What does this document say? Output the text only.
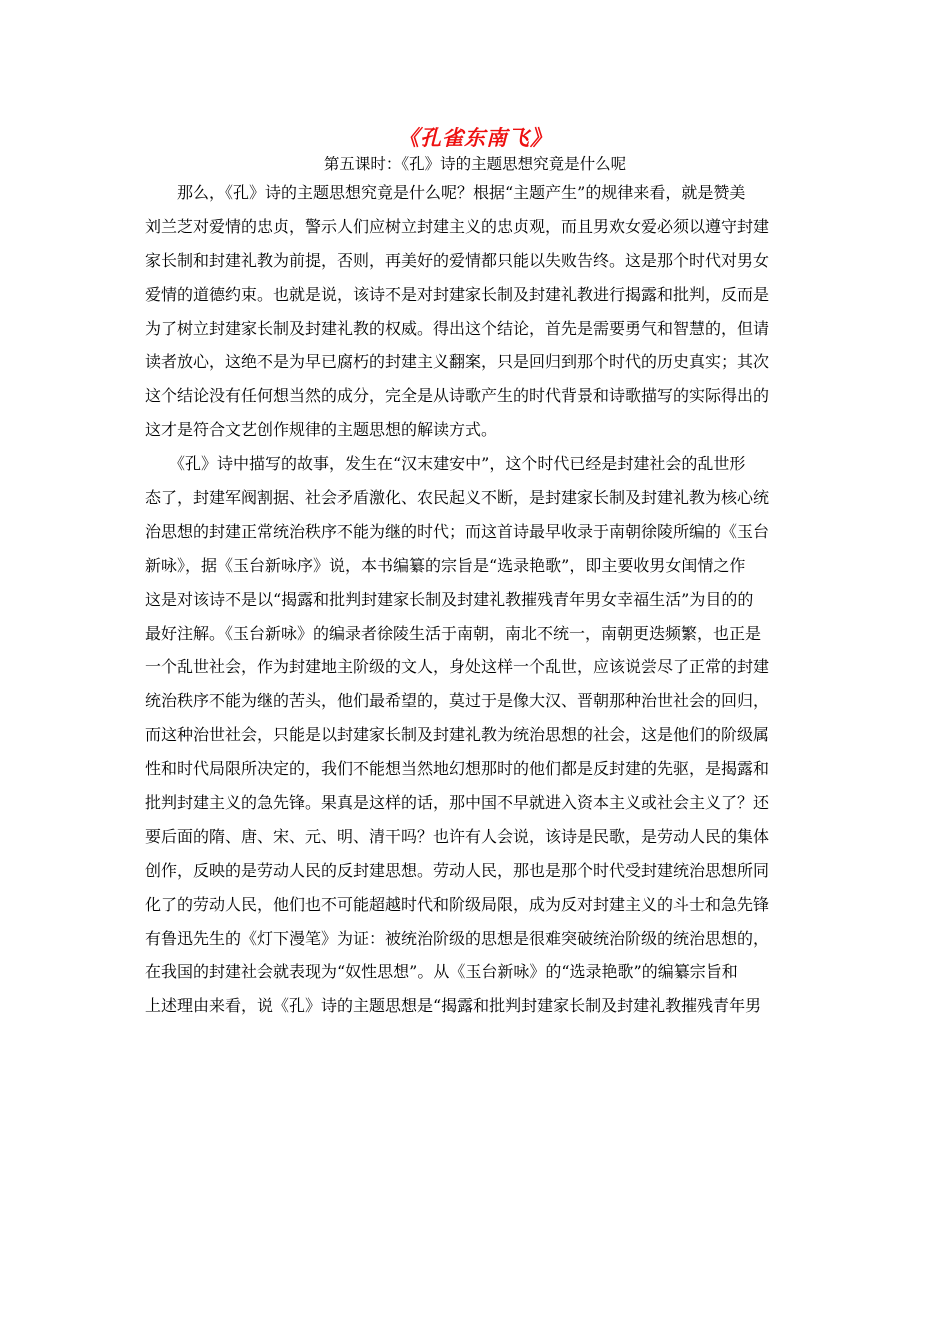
《孔雀东南飞》
第五课时：《孔》诗的主题思想究竟是什么呢
　　那么，《孔》诗的主题思想究竟是什么呢？根据“主题产生”的规律来看，就是赞美
刘兰芝对爱情的忠贞，警示人们应树立封建主义的忠贞观，而且男欢女爱必须以遵守封建
家长制和封建礼教为前提，否则，再美好的爱情都只能以失败告终。这是那个时代对男女
爱情的道德约束。也就是说，该诗不是对封建家长制及封建礼教进行揭露和批判，反而是
为了树立封建家长制及封建礼教的权威。得出这个结论，首先是需要勇气和智慧的，但请
读者放心，这绝不是为早已腐朽的封建主义翻案，只是回归到那个时代的历史真实；其次
这个结论没有任何想当然的成分，完全是从诗歌产生的时代背景和诗歌描写的实际得出的
这才是符合文艺创作规律的主题思想的解读方式。
　　《孔》诗中描写的故事，发生在“汉末建安中”，这个时代已经是封建社会的乱世形
态了，封建军阀割据、社会矛盾激化、农民起义不断，是封建家长制及封建礼教为核心统
治思想的封建正常统治秩序不能为继的时代；而这首诗最早收录于南朝徐陵所编的《玉台
新咏》，据《玉台新咏序》说，本书编纂的宗旨是“选录艳歌”，即主要收男女闺情之作
这是对该诗不是以“揭露和批判封建家长制及封建礼教摧残青年男女幸福生活”为目的的
最好注解。《玉台新咏》的编录者徐陵生活于南朝，南北不统一，南朝更迭频繁，也正是
一个乱世社会，作为封建地主阶级的文人，身处这样一个乱世，应该说尝尽了正常的封建
统治秩序不能为继的苦头，他们最希望的，莫过于是像大汉、晋朝那种治世社会的回归，
而这种治世社会，只能是以封建家长制及封建礼教为统治思想的社会，这是他们的阶级属
性和时代局限所决定的，我们不能想当然地幻想那时的他们都是反封建的先驱，是揭露和
批判封建主义的急先锋。果真是这样的话，那中国不早就进入资本主义或社会主义了？还
要后面的隋、唐、宋、元、明、清干吗？也许有人会说，该诗是民歌，是劳动人民的集体
创作，反映的是劳动人民的反封建思想。劳动人民，那也是那个时代受封建统治思想所同
化了的劳动人民，他们也不可能超越时代和阶级局限，成为反对封建主义的斗士和急先锋
有鲁迅先生的《灯下漫笔》为证：被统治阶级的思想是很难突破统治阶级的统治思想的，
在我国的封建社会就表现为“奴性思想”。从《玉台新咏》的“选录艳歌”的编纂宗旨和
上述理由来看，说《孔》诗的主题思想是“揭露和批判封建家长制及封建礼教摧残青年男
